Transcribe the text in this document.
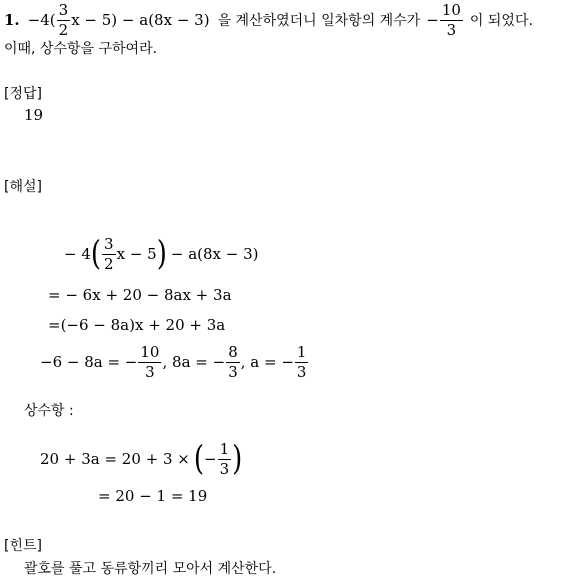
1. $-4( \frac{3}{2}$ x − 5) − a(8x − 3) 을 계산하였더니 일차항의 계수가 − $\frac{10}{3}$ 이 되었다.
이때, 상수항을 구하여라.
[정답]
19
[해설]
− 4 ( $\frac{3}{2}$ x − 5 ) − a(8x − 3)
= − 6x + 20 − 8ax + 3a
=(−6 − 8a)x + 20 + 3a
−6 − 8a = − $\frac{10}{3}$ , 8a = − $\frac{8}{3}$ , a = − $\frac{1}{3}$
상수항 :
20 + 3a = 20 + 3 × ( − $\frac{1}{3}$ )
= 20 − 1 = 19
[힌트]
괄호를 풀고 동류항끼리 모아서 계산한다.
